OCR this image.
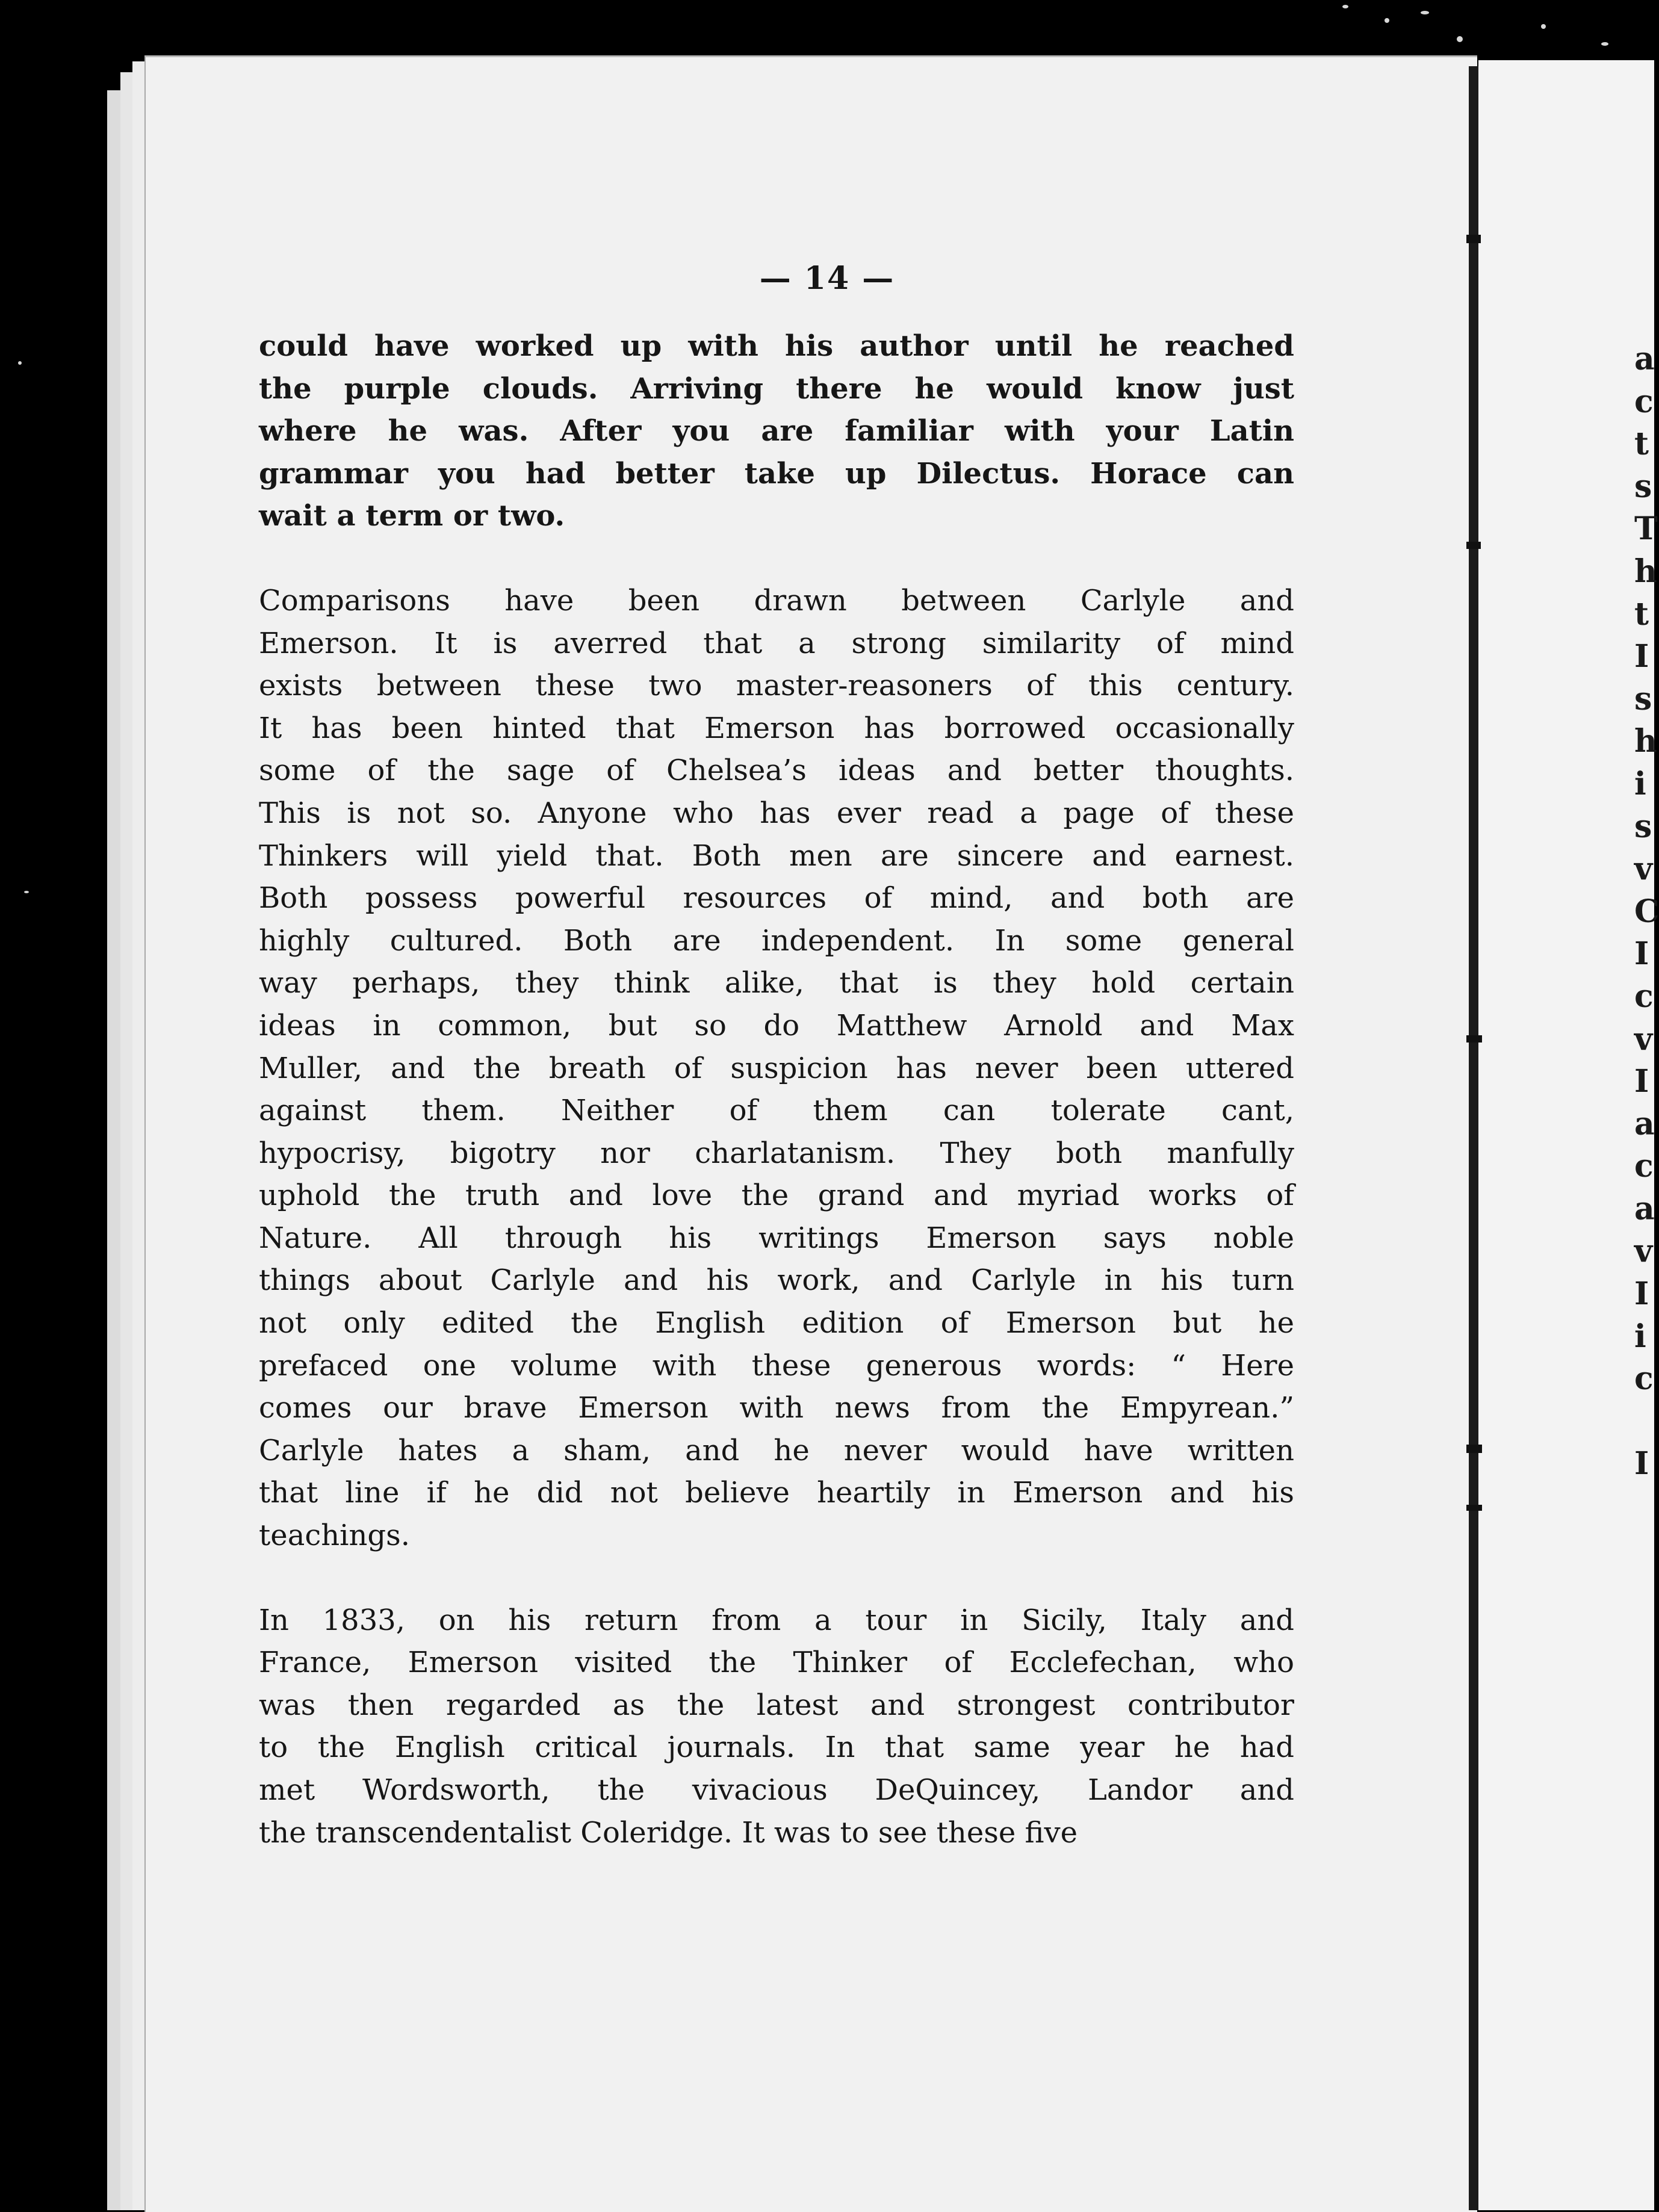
a
c
t
s
T
h
t
I
s
h
i
s
v
C
I
c
v
I
a
c
a
v
I
i
c
I
— 14 —
could have worked up with his author until he reached
the purple clouds. Arriving there he would know just
where he was. After you are familiar with your Latin
grammar you had better take up Dilectus. Horace can
wait a term or two.
Comparisons have been drawn between Carlyle and
Emerson. It is averred that a strong similarity of mind
exists between these two master-reasoners of this century.
It has been hinted that Emerson has borrowed occasionally
some of the sage of Chelsea’s ideas and better thoughts.
This is not so. Anyone who has ever read a page of these
Thinkers will yield that. Both men are sincere and earnest.
Both possess powerful resources of mind, and both are
highly cultured. Both are independent. In some general
way perhaps, they think alike, that is they hold certain
ideas in common, but so do Matthew Arnold and Max
Muller, and the breath of suspicion has never been uttered
against them. Neither of them can tolerate cant,
hypocrisy, bigotry nor charlatanism. They both manfully
uphold the truth and love the grand and myriad works of
Nature. All through his writings Emerson says noble
things about Carlyle and his work, and Carlyle in his turn
not only edited the English edition of Emerson but he
prefaced one volume with these generous words: “ Here
comes our brave Emerson with news from the Empyrean.”
Carlyle hates a sham, and he never would have written
that line if he did not believe heartily in Emerson and his
teachings.
In 1833, on his return from a tour in Sicily, Italy and
France, Emerson visited the Thinker of Ecclefechan, who
was then regarded as the latest and strongest contributor
to the English critical journals. In that same year he had
met Wordsworth, the vivacious DeQuincey, Landor and
the transcendentalist Coleridge. It was to see these five
